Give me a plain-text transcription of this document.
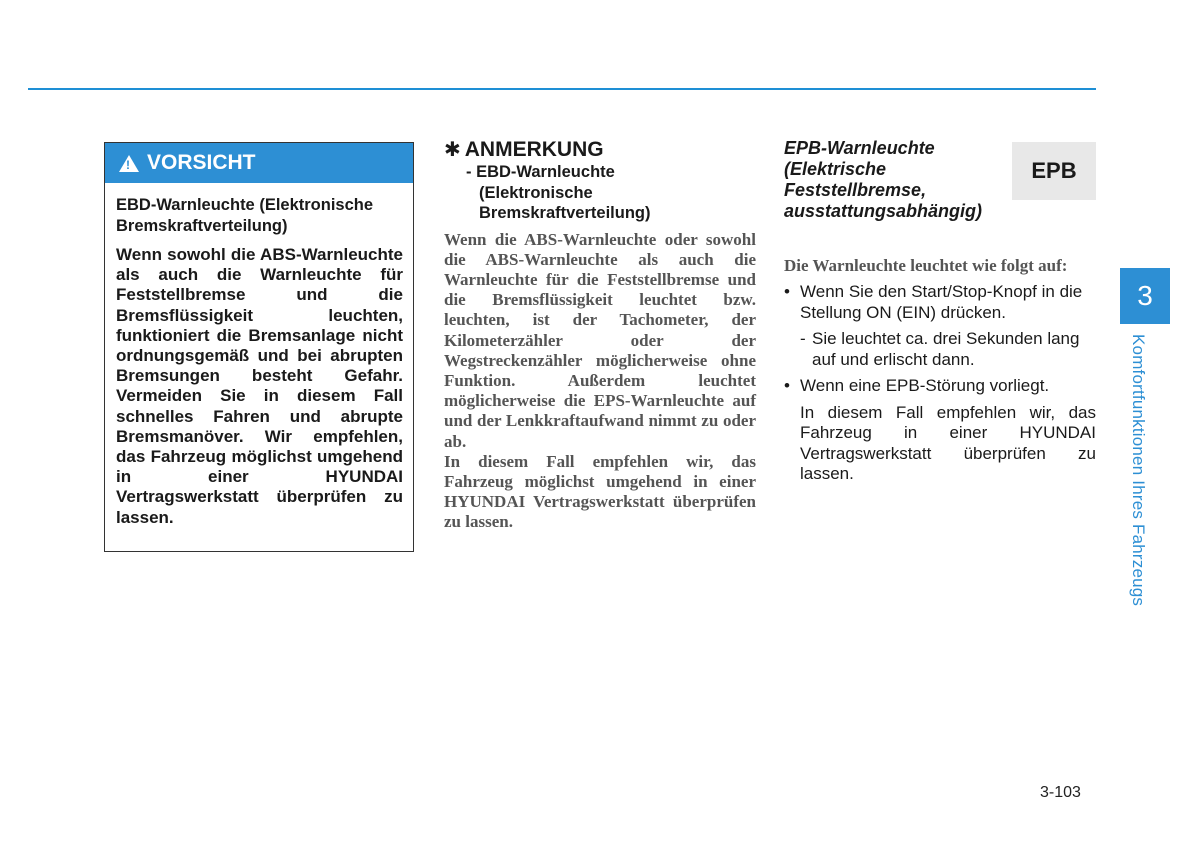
! VORSICHT

EBD-Warnleuchte (Elektronische Bremskraftverteilung)

Wenn sowohl die ABS-Warnleuchte als auch die Warnleuchte für Feststellbremse und die Bremsflüssigkeit leuchten, funktioniert die Bremsanlage nicht ordnungsgemäß und bei abrupten Bremsungen besteht Gefahr. Vermeiden Sie in diesem Fall schnelles Fahren und abrupte Bremsmanöver. Wir empfehlen, das Fahrzeug möglichst umgehend in einer HYUNDAI Vertragswerkstatt überprüfen zu lassen.

✱ ANMERKUNG
- EBD-Warnleuchte
(Elektronische
Bremskraftverteilung)

Wenn die ABS-Warnleuchte oder sowohl die ABS-Warnleuchte als auch die Warnleuchte für die Feststellbremse und die Bremsflüssigkeit leuchtet bzw. leuchten, ist der Tachometer, der Kilometerzähler oder der Wegstreckenzähler möglicherweise ohne Funktion. Außerdem leuchtet möglicherweise die EPS-Warnleuchte auf und der Lenkkraftaufwand nimmt zu oder ab.

In diesem Fall empfehlen wir, das Fahrzeug möglichst umgehend in einer HYUNDAI Vertragswerkstatt überprüfen zu lassen.

EPB-Warnleuchte (Elektrische Feststellbremse, ausstattungsabhängig)

Die Warnleuchte leuchtet wie folgt auf:

• Wenn Sie den Start/Stop-Knopf in die Stellung ON (EIN) drücken.
- Sie leuchtet ca. drei Sekunden lang auf und erlischt dann.
• Wenn eine EPB-Störung vorliegt.
In diesem Fall empfehlen wir, das Fahrzeug in einer HYUNDAI Vertragswerkstatt überprüfen zu lassen.
EPB
3
Komfortfunktionen Ihres Fahrzeugs
3-103
